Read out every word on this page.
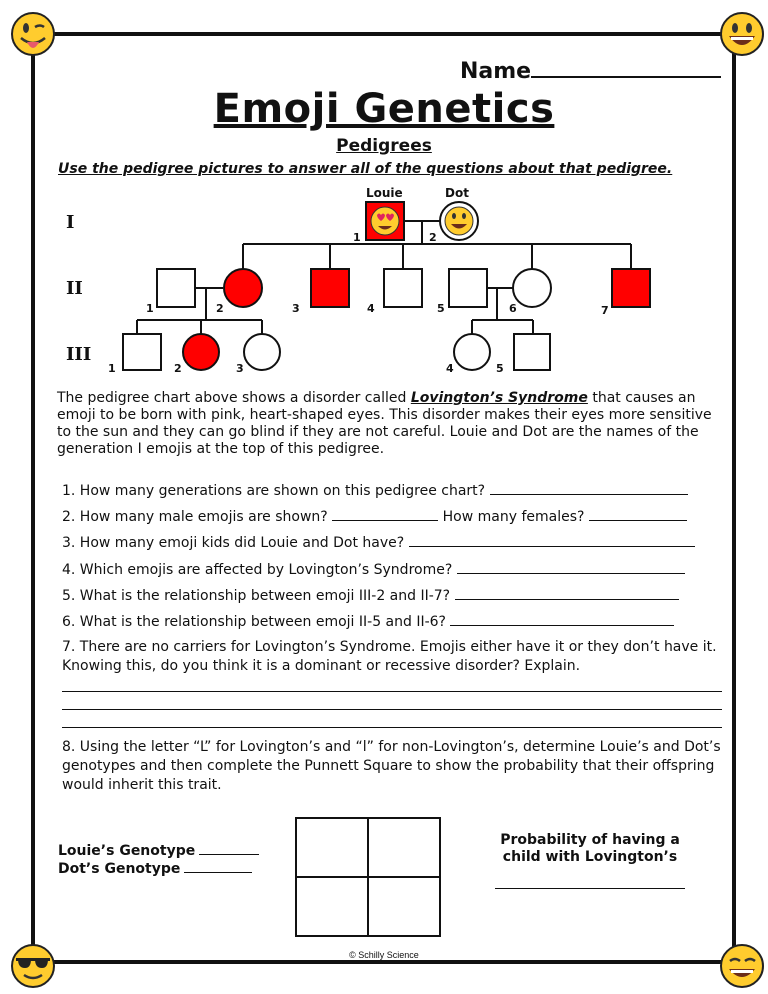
Name
Emoji Genetics
Pedigrees
Use the pedigree pictures to answer all of the questions about that pedigree.
I
II
III
Louie	Dot
1	2
1	2	3	4	5	6	7
1	2	3	4	5
The pedigree chart above shows a disorder called Lovington’s Syndrome that causes an emoji to be born with pink, heart-shaped eyes. This disorder makes their eyes more sensitive to the sun and they can go blind if they are not careful. Louie and Dot are the names of the generation I emojis at the top of this pedigree.
1. How many generations are shown on this pedigree chart?
2. How many male emojis are shown?	How many females?
3. How many emoji kids did Louie and Dot have?
4. Which emojis are affected by Lovington’s Syndrome?
5. What is the relationship between emoji III-2 and II-7?
6. What is the relationship between emoji II-5 and II-6?
7. There are no carriers for Lovington’s Syndrome. Emojis either have it or they don’t have it. Knowing this, do you think it is a dominant or recessive disorder? Explain.
8. Using the letter “L” for Lovington’s and “l” for non-Lovington’s, determine Louie’s and Dot’s genotypes and then complete the Punnett Square to show the probability that their offspring would inherit this trait.
Louie’s Genotype
Dot’s Genotype
Probability of having a child with Lovington’s
© Schilly Science
